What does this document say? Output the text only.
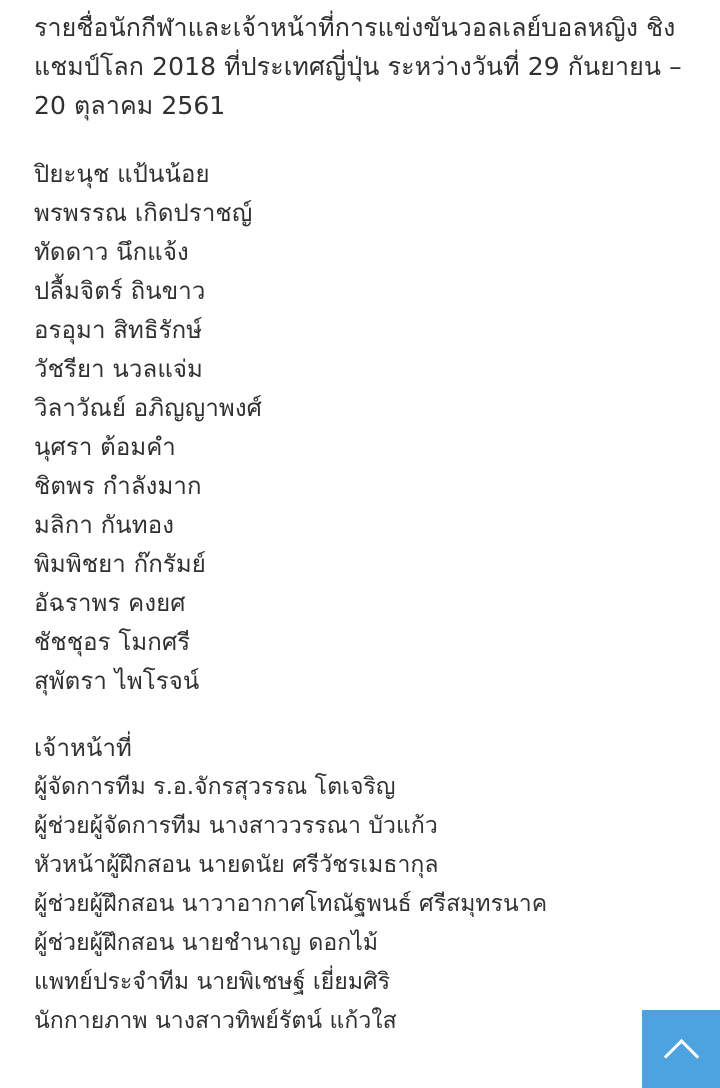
รายชื่อนักกีฬาและเจ้าหน้าที่การแข่งขันวอลเลย์บอลหญิง ชิงแชมป์โลก 2018 ที่ประเทศญี่ปุ่น ระหว่างวันที่ 29 กันยายน – 20 ตุลาคม 2561

ปิยะนุช แป้นน้อย
พรพรรณ เกิดปราชญ์
ทัดดาว นึกแจ้ง
ปลื้มจิตร์ ถินขาว
อรอุมา สิทธิรักษ์
วัชรียา นวลแจ่ม
วิลาวัณย์ อภิญญาพงศ์
นุศรา ต้อมคำ
ชิตพร กำลังมาก
มลิกา กันทอง
พิมพิชยา ก๊กรัมย์
อัฉราพร คงยศ
ชัชชุอร โมกศรี
สุพัตรา ไพโรจน์

เจ้าหน้าที่

ผู้จัดการทีม ร.อ.จักรสุวรรณ โตเจริญ
ผู้ช่วยผู้จัดการทีม นางสาววรรณา บัวแก้ว
หัวหน้าผู้ฝึกสอน นายดนัย ศรีวัชรเมธากุล
ผู้ช่วยผู้ฝึกสอน นาวาอากาศโทณัฐพนธ์ ศรีสมุทรนาค
ผู้ช่วยผู้ฝึกสอน นายชำนาญ ดอกไม้
แพทย์ประจำทีม นายพิเชษฐ์ เยี่ยมศิริ
นักกายภาพ นางสาวทิพย์รัตน์ แก้วใส
